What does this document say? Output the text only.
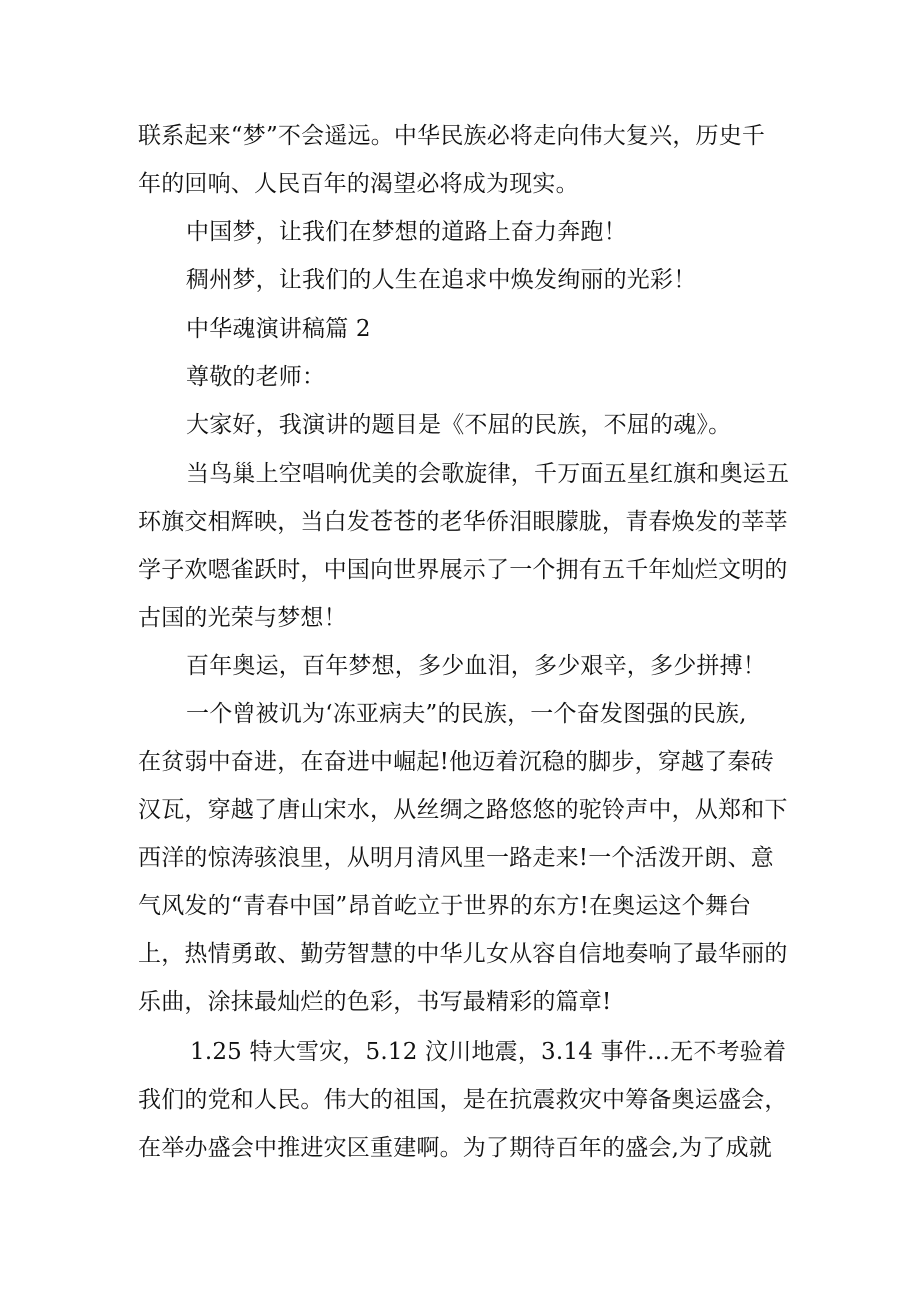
联系起来“梦”不会遥远。中华民族必将走向伟大复兴，历史千

年的回响、人民百年的渴望必将成为现实。

中国梦，让我们在梦想的道路上奋力奔跑！

稠州梦，让我们的人生在追求中焕发绚丽的光彩！

中华魂演讲稿篇 2

尊敬的老师：

大家好，我演讲的题目是《不屈的民族，不屈的魂》。

当鸟巢上空唱响优美的会歌旋律，千万面五星红旗和奥运五

环旗交相辉映，当白发苍苍的老华侨泪眼朦胧，青春焕发的莘莘

学子欢嗯雀跃时，中国向世界展示了一个拥有五千年灿烂文明的

古国的光荣与梦想！

百年奥运，百年梦想，多少血泪，多少艰辛，多少拼搏！

一个曾被讥为‘冻亚病夫”的民族，一个奋发图强的民族,

在贫弱中奋进，在奋进中崛起!他迈着沉稳的脚步，穿越了秦砖

汉瓦，穿越了唐山宋水，从丝绸之路悠悠的驼铃声中，从郑和下

西洋的惊涛骇浪里，从明月清风里一路走来!一个活泼开朗、意

气风发的“青春中国”昂首屹立于世界的东方!在奥运这个舞台

上，热情勇敢、勤劳智慧的中华儿女从容自信地奏响了最华丽的

乐曲，涂抹最灿烂的色彩，书写最精彩的篇章!

1.25 特大雪灾，5.12 汶川地震，3.14 事件…无不考验着

我们的党和人民。伟大的祖国，是在抗震救灾中筹备奥运盛会，

在举办盛会中推进灾区重建啊。为了期待百年的盛会,为了成就
